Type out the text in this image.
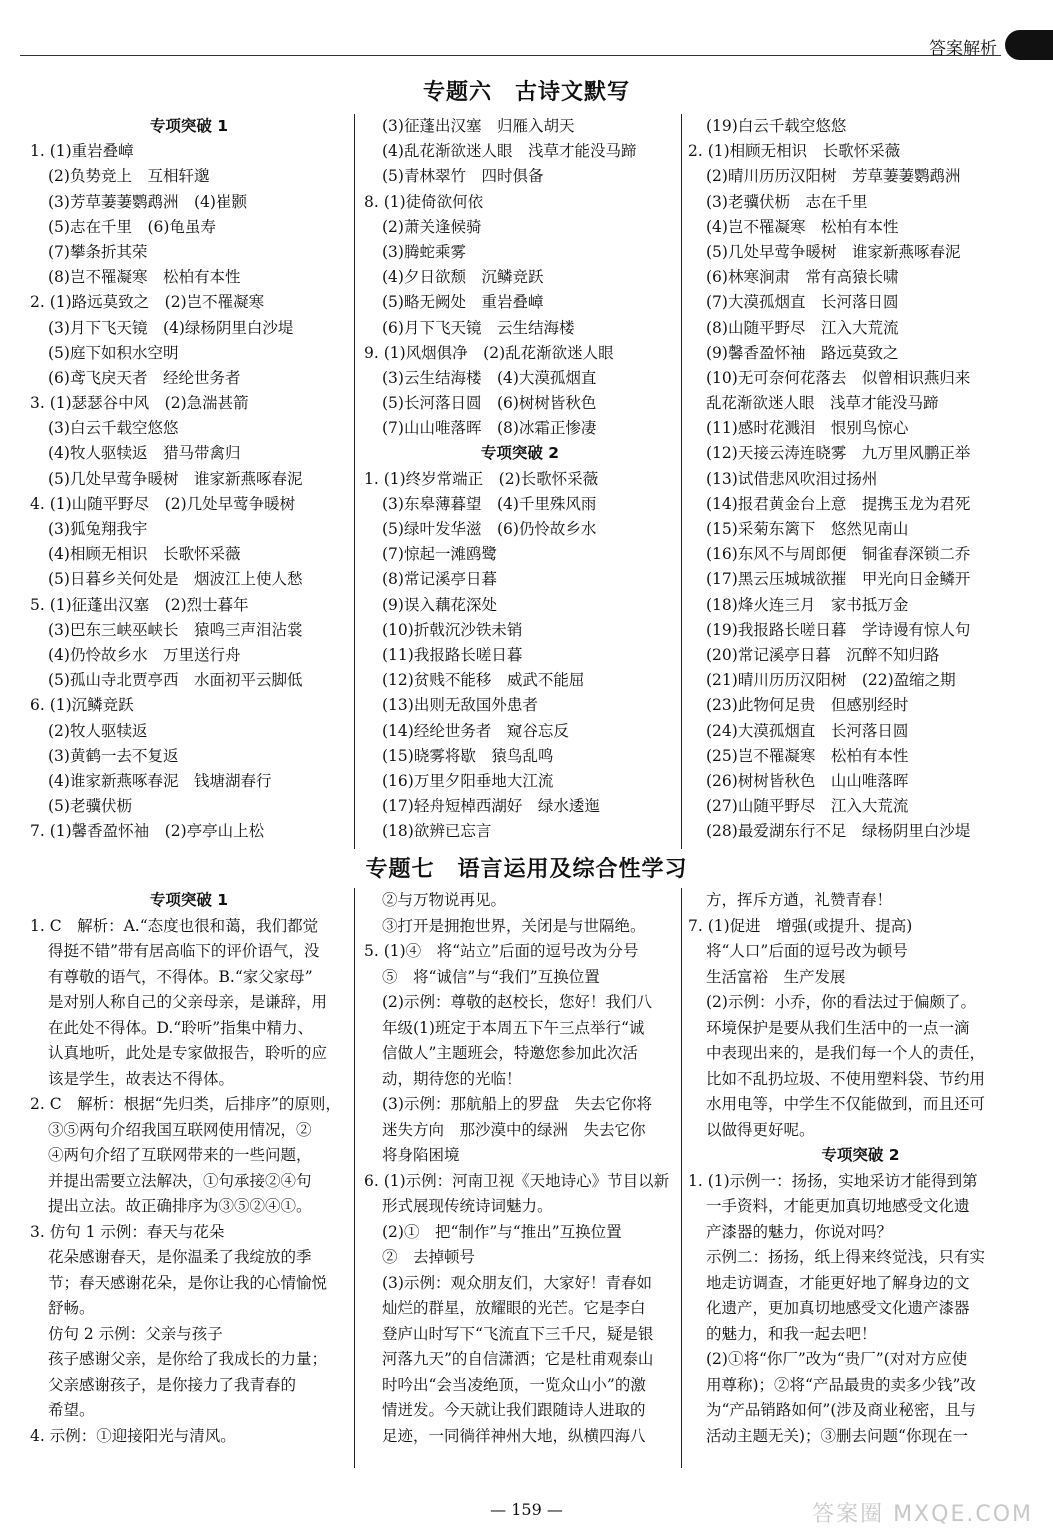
答案解析
专题六　古诗文默写
专项突破 1
1. (1)重岩叠嶂
(2)负势竞上　互相轩邈
(3)芳草萋萋鹦鹉洲　(4)崔颢
(5)志在千里　(6)龟虽寿
(7)攀条折其荣
(8)岂不罹凝寒　松柏有本性
2. (1)路远莫致之　(2)岂不罹凝寒
(3)月下飞天镜　(4)绿杨阴里白沙堤
(5)庭下如积水空明
(6)鸢飞戾天者　经纶世务者
3. (1)瑟瑟谷中风　(2)急湍甚箭
(3)白云千载空悠悠
(4)牧人驱犊返　猎马带禽归
(5)几处早莺争暖树　谁家新燕啄春泥
4. (1)山随平野尽　(2)几处早莺争暖树
(3)狐兔翔我宇
(4)相顾无相识　长歌怀采薇
(5)日暮乡关何处是　烟波江上使人愁
5. (1)征蓬出汉塞　(2)烈士暮年
(3)巴东三峡巫峡长　猿鸣三声泪沾裳
(4)仍怜故乡水　万里送行舟
(5)孤山寺北贾亭西　水面初平云脚低
6. (1)沉鳞竞跃
(2)牧人驱犊返
(3)黄鹤一去不复返
(4)谁家新燕啄春泥　钱塘湖春行
(5)老骥伏枥
7. (1)馨香盈怀袖　(2)亭亭山上松
(3)征蓬出汉塞　归雁入胡天
(4)乱花渐欲迷人眼　浅草才能没马蹄
(5)青林翠竹　四时俱备
8. (1)徒倚欲何依
(2)萧关逢候骑
(3)腾蛇乘雾
(4)夕日欲颓　沉鳞竞跃
(5)略无阙处　重岩叠嶂
(6)月下飞天镜　云生结海楼
9. (1)风烟俱净　(2)乱花渐欲迷人眼
(3)云生结海楼　(4)大漠孤烟直
(5)长河落日圆　(6)树树皆秋色
(7)山山唯落晖　(8)冰霜正惨凄
专项突破 2
1. (1)终岁常端正　(2)长歌怀采薇
(3)东皋薄暮望　(4)千里殊风雨
(5)绿叶发华滋　(6)仍怜故乡水
(7)惊起一滩鸥鹭
(8)常记溪亭日暮
(9)误入藕花深处
(10)折戟沉沙铁未销
(11)我报路长嗟日暮
(12)贫贱不能移　威武不能屈
(13)出则无敌国外患者
(14)经纶世务者　窥谷忘反
(15)晓雾将歇　猿鸟乱鸣
(16)万里夕阳垂地大江流
(17)轻舟短棹西湖好　绿水逶迤
(18)欲辨已忘言
(19)白云千载空悠悠
2. (1)相顾无相识　长歌怀采薇
(2)晴川历历汉阳树　芳草萋萋鹦鹉洲
(3)老骥伏枥　志在千里
(4)岂不罹凝寒　松柏有本性
(5)几处早莺争暖树　谁家新燕啄春泥
(6)林寒涧肃　常有高猿长啸
(7)大漠孤烟直　长河落日圆
(8)山随平野尽　江入大荒流
(9)馨香盈怀袖　路远莫致之
(10)无可奈何花落去　似曾相识燕归来
乱花渐欲迷人眼　浅草才能没马蹄
(11)感时花溅泪　恨别鸟惊心
(12)天接云涛连晓雾　九万里风鹏正举
(13)试借悲风吹泪过扬州
(14)报君黄金台上意　提携玉龙为君死
(15)采菊东篱下　悠然见南山
(16)东风不与周郎便　铜雀春深锁二乔
(17)黑云压城城欲摧　甲光向日金鳞开
(18)烽火连三月　家书抵万金
(19)我报路长嗟日暮　学诗谩有惊人句
(20)常记溪亭日暮　沉醉不知归路
(21)晴川历历汉阳树　(22)盈缩之期
(23)此物何足贵　但感别经时
(24)大漠孤烟直　长河落日圆
(25)岂不罹凝寒　松柏有本性
(26)树树皆秋色　山山唯落晖
(27)山随平野尽　江入大荒流
(28)最爱湖东行不足　绿杨阴里白沙堤
专题七　语言运用及综合性学习
专项突破 1
1. C　解析：A.“态度也很和蔼，我们都觉
得挺不错”带有居高临下的评价语气，没
有尊敬的语气，不得体。B.“家父家母”
是对别人称自己的父亲母亲，是谦辞，用
在此处不得体。D.“聆听”指集中精力、
认真地听，此处是专家做报告，聆听的应
该是学生，故表达不得体。
2. C　解析：根据“先归类，后排序”的原则，
③⑤两句介绍我国互联网使用情况，②
④两句介绍了互联网带来的一些问题，
并提出需要立法解决，①句承接②④句
提出立法。故正确排序为③⑤②④①。
3. 仿句 1 示例：春天与花朵
花朵感谢春天，是你温柔了我绽放的季
节；春天感谢花朵，是你让我的心情愉悦
舒畅。
仿句 2 示例：父亲与孩子
孩子感谢父亲，是你给了我成长的力量；
父亲感谢孩子，是你接力了我青春的
希望。
4. 示例：①迎接阳光与清风。
②与万物说再见。
③打开是拥抱世界，关闭是与世隔绝。
5. (1)④　将“站立”后面的逗号改为分号
⑤　将“诚信”与“我们”互换位置
(2)示例：尊敬的赵校长，您好！我们八
年级(1)班定于本周五下午三点举行“诚
信做人”主题班会，特邀您参加此次活
动，期待您的光临！
(3)示例：那航船上的罗盘　失去它你将
迷失方向　那沙漠中的绿洲　失去它你
将身陷困境
6. (1)示例：河南卫视《天地诗心》节目以新
形式展现传统诗词魅力。
(2)①　把“制作”与“推出”互换位置
②　去掉顿号
(3)示例：观众朋友们，大家好！青春如
灿烂的群星，放耀眼的光芒。它是李白
登庐山时写下“飞流直下三千尺，疑是银
河落九天”的自信潇洒；它是杜甫观泰山
时吟出“会当凌绝顶，一览众山小”的激
情迸发。今天就让我们跟随诗人进取的
足迹，一同徜徉神州大地，纵横四海八
方，挥斥方遒，礼赞青春！
7. (1)促进　增强(或提升、提高)
将“人口”后面的逗号改为顿号
生活富裕　生产发展
(2)示例：小乔，你的看法过于偏颇了。
环境保护是要从我们生活中的一点一滴
中表现出来的，是我们每一个人的责任，
比如不乱扔垃圾、不使用塑料袋、节约用
水用电等，中学生不仅能做到，而且还可
以做得更好呢。
专项突破 2
1. (1)示例一：扬扬，实地采访才能得到第
一手资料，才能更加真切地感受文化遗
产漆器的魅力，你说对吗？
示例二：扬扬，纸上得来终觉浅，只有实
地走访调查，才能更好地了解身边的文
化遗产，更加真切地感受文化遗产漆器
的魅力，和我一起去吧！
(2)①将“你厂”改为“贵厂”(对对方应使
用尊称)；②将“产品最贵的卖多少钱”改
为“产品销路如何”(涉及商业秘密，且与
活动主题无关)；③删去问题“你现在一
— 159 —	答案圈 MXQE.COM
